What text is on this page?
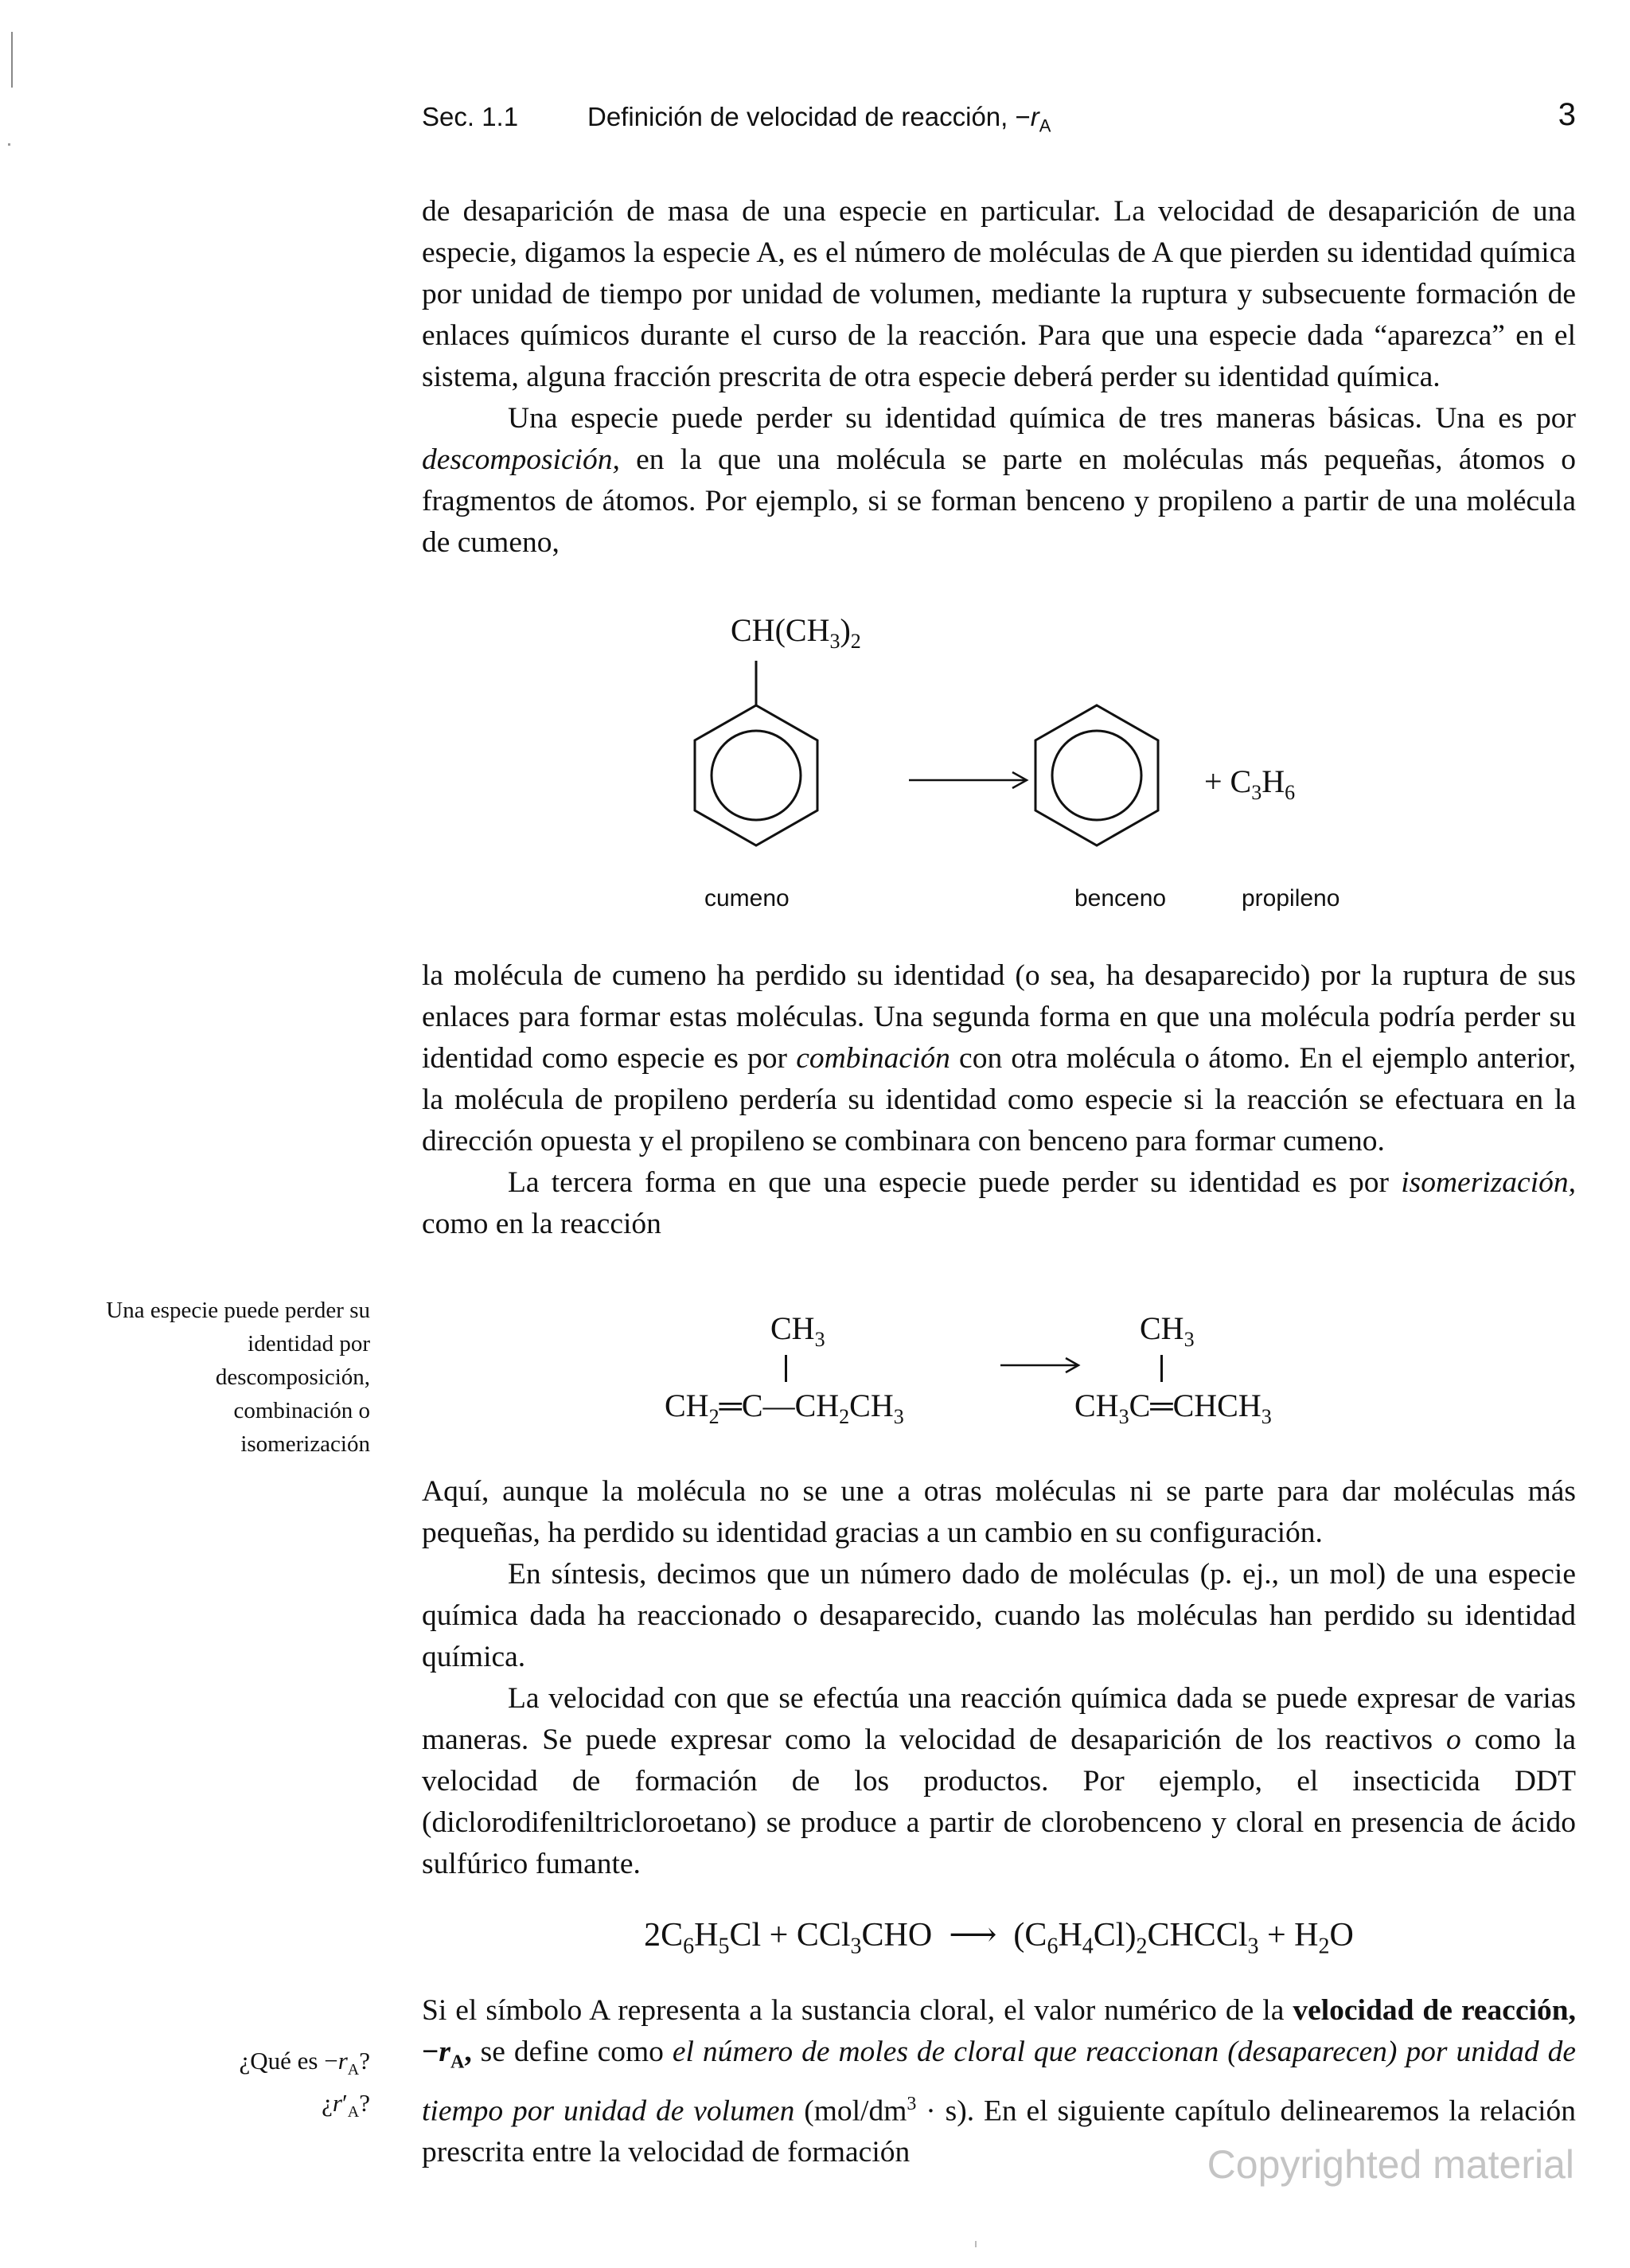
Sec. 1.1	Definición de velocidad de reacción, $-r_A$	3

de desaparición de masa de una especie en particular. La velocidad de desaparición de una especie, digamos la especie A, es el número de moléculas de A que pierden su identidad química por unidad de tiempo por unidad de volumen, mediante la ruptura y subsecuente formación de enlaces químicos durante el curso de la reacción. Para que una especie dada “aparezca” en el sistema, alguna fracción prescrita de otra especie deberá perder su identidad química.

Una especie puede perder su identidad química de tres maneras básicas. Una es por descomposición, en la que una molécula se parte en moléculas más pequeñas, átomos o fragmentos de átomos. Por ejemplo, si se forman benceno y propileno a partir de una molécula de cumeno,

$CH(CH_3)_2$
+ $C_3H_6$
cumeno	benceno	propileno

la molécula de cumeno ha perdido su identidad (o sea, ha desaparecido) por la ruptura de sus enlaces para formar estas moléculas. Una segunda forma en que una molécula podría perder su identidad como especie es por combinación con otra molécula o átomo. En el ejemplo anterior, la molécula de propileno perdería su identidad como especie si la reacción se efectuara en la dirección opuesta y el propileno se combinara con benceno para formar cumeno.

La tercera forma en que una especie puede perder su identidad es por isomerización, como en la reacción

Una especie puede perder su identidad por descomposición, combinación o isomerización
$CH_3$
$CH_2═C—CH_2CH_3$
$CH_3$
$CH_3C═CHCH_3$

Aquí, aunque la molécula no se une a otras moléculas ni se parte para dar moléculas más pequeñas, ha perdido su identidad gracias a un cambio en su configuración.

En síntesis, decimos que un número dado de moléculas (p. ej., un mol) de una especie química dada ha reaccionado o desaparecido, cuando las moléculas han perdido su identidad química.

La velocidad con que se efectúa una reacción química dada se puede expresar de varias maneras. Se puede expresar como la velocidad de desaparición de los reactivos o como la velocidad de formación de los productos. Por ejemplo, el insecticida DDT (diclorodifeniltricloroetano) se produce a partir de clorobenceno y cloral en presencia de ácido sulfúrico fumante.

$2C_6H_5Cl + CCl_3CHO$  ⟶  $(C_6H_4Cl)_2CHCCl_3 + H_2O$
¿Qué es $-r_A$?
¿$r'_A$?

Si el símbolo A representa a la sustancia cloral, el valor numérico de la velocidad de reacción, $-r_A$, se define como el número de moles de cloral que reaccionan (desaparecen) por unidad de tiempo por unidad de volumen $(mol/dm^3 \cdot s)$. En el siguiente capítulo delinearemos la relación prescrita entre la velocidad de formación	Copyrighted material
